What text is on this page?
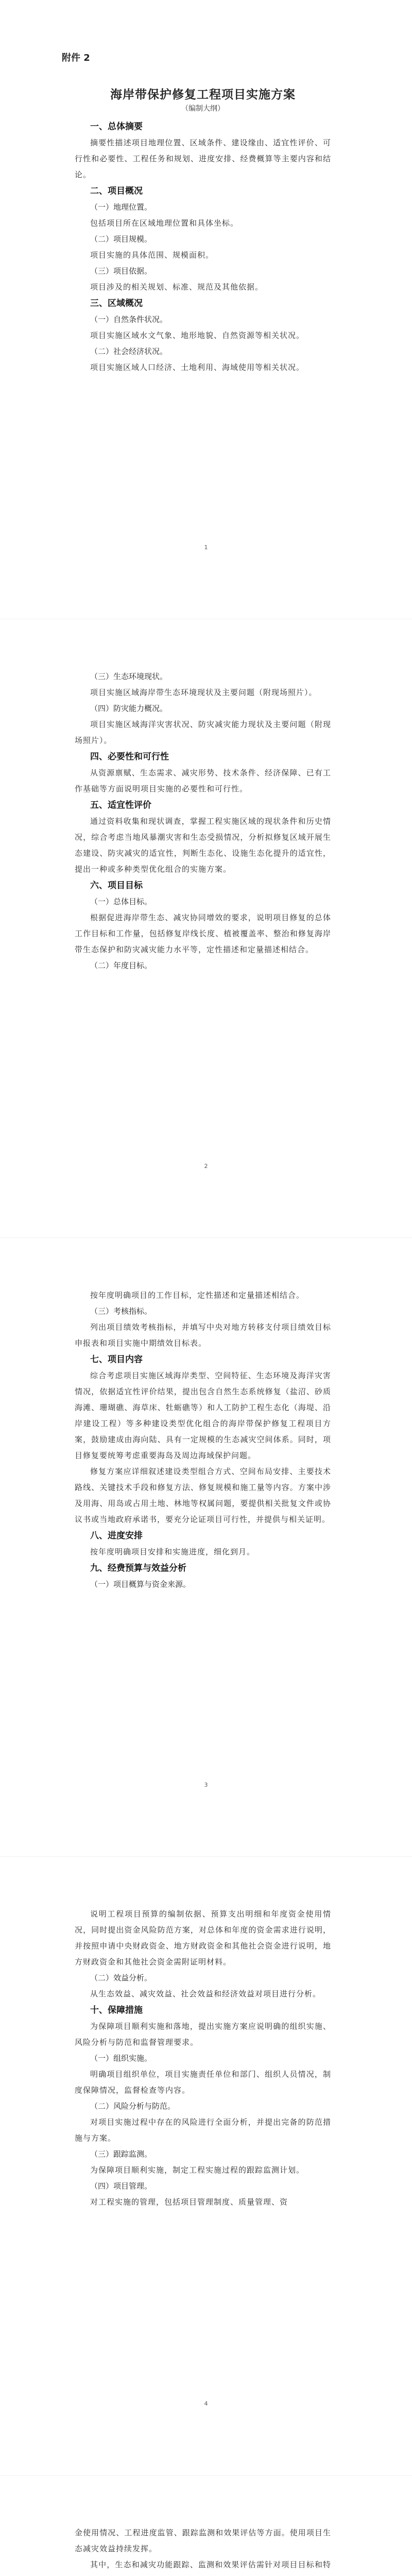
附件 2
海岸带保护修复工程项目实施方案
（编制大纲）
一、总体摘要
摘要性描述项目地理位置、区域条件、建设缘由、适宜性评价、可行性和必要性、工程任务和规划、进度安排、经费概算等主要内容和结论。
二、项目概况
（一）地理位置。
包括项目所在区域地理位置和具体坐标。
（二）项目规模。
项目实施的具体范围、规模面积。
（三）项目依据。
项目涉及的相关规划、标准、规范及其他依据。
三、区域概况
（一）自然条件状况。
项目实施区域水文气象、地形地貌、自然资源等相关状况。
（二）社会经济状况。
项目实施区域人口经济、土地利用、海域使用等相关状况。
1
（三）生态环境现状。
项目实施区域海岸带生态环境现状及主要问题（附现场照片）。
（四）防灾能力概况。
项目实施区域海洋灾害状况、防灾减灾能力现状及主要问题（附现场照片）。
四、必要性和可行性
从资源禀赋、生态需求、减灾形势、技术条件、经济保障、已有工作基础等方面说明项目实施的必要性和可行性。
五、适宜性评价
通过资料收集和现状调查，掌握工程实施区域的现状条件和历史情况，综合考虑当地风暴潮灾害和生态受损情况，分析拟修复区域开展生态建设、防灾减灾的适宜性，判断生态化、设施生态化提升的适宜性，提出一种或多种类型优化组合的实施方案。
六、项目目标
（一）总体目标。
根据促进海岸带生态、减灾协同增效的要求，说明项目修复的总体工作目标和工作量，包括修复岸线长度、植被覆盖率、整治和修复海岸带生态保护和防灾减灾能力水平等，定性描述和定量描述相结合。
（二）年度目标。
2
按年度明确项目的工作目标，定性描述和定量描述相结合。
（三）考核指标。
列出项目绩效考核指标，并填写中央对地方转移支付项目绩效目标申报表和项目实施中期绩效目标表。
七、项目内容
综合考虑项目实施区域海岸类型、空间特征、生态环境及海洋灾害情况，依据适宜性评价结果，提出包含自然生态系统修复（盐沼、砂质海滩、珊瑚礁、海草床、牡蛎礁等）和人工防护工程生态化（海堤、沿岸建设工程）等多种建设类型优化组合的海岸带保护修复工程项目方案，鼓励建成由海向陆、具有一定规模的生态减灾空间体系。同时，项目修复要统筹考虑重要海岛及周边海域保护问题。
修复方案应详细叙述建设类型组合方式、空间布局安排、主要技术路线、关键技术手段和修复方法、修复规模和施工量等内容。方案中涉及用海、用岛或占用土地、林地等权属问题，要提供相关批复文件或协议书或当地政府承诺书，要充分论证项目可行性，并提供与相关证明。
八、进度安排
按年度明确项目安排和实施进度，细化到月。
九、经费预算与效益分析
（一）项目概算与资金来源。
3
说明工程项目预算的编制依据、预算支出明细和年度资金使用情况，同时提出资金风险防范方案，对总体和年度的资金需求进行说明，并按照申请中央财政资金、地方财政资金和其他社会资金进行说明，地方财政资金和其他社会资金需附证明材料。
（二）效益分析。
从生态效益、减灾效益、社会效益和经济效益对项目进行分析。
十、保障措施
为保障项目顺利实施和落地，提出实施方案应说明确的组织实施、风险分析与防范和监督管理要求。
（一）组织实施。
明确项目组织单位，项目实施责任单位和部门、组织人员情况，制度保障情况，监督检查等内容。
（二）风险分析与防范。
对项目实施过程中存在的风险进行全面分析，并提出完备的防范措施与方案。
（三）跟踪监测。
为保障项目顺利实施，制定工程实施过程的跟踪监测计划。
（四）项目管理。
对工程实施的管理，包括项目管理制度、质量管理、资
4
金使用情况、工程进度监管、跟踪监测和效果评估等方面。使用项目生态减灾效益持续发挥。
其中，生态和减灾功能跟踪、监测和效果评估需针对项目目标和特
